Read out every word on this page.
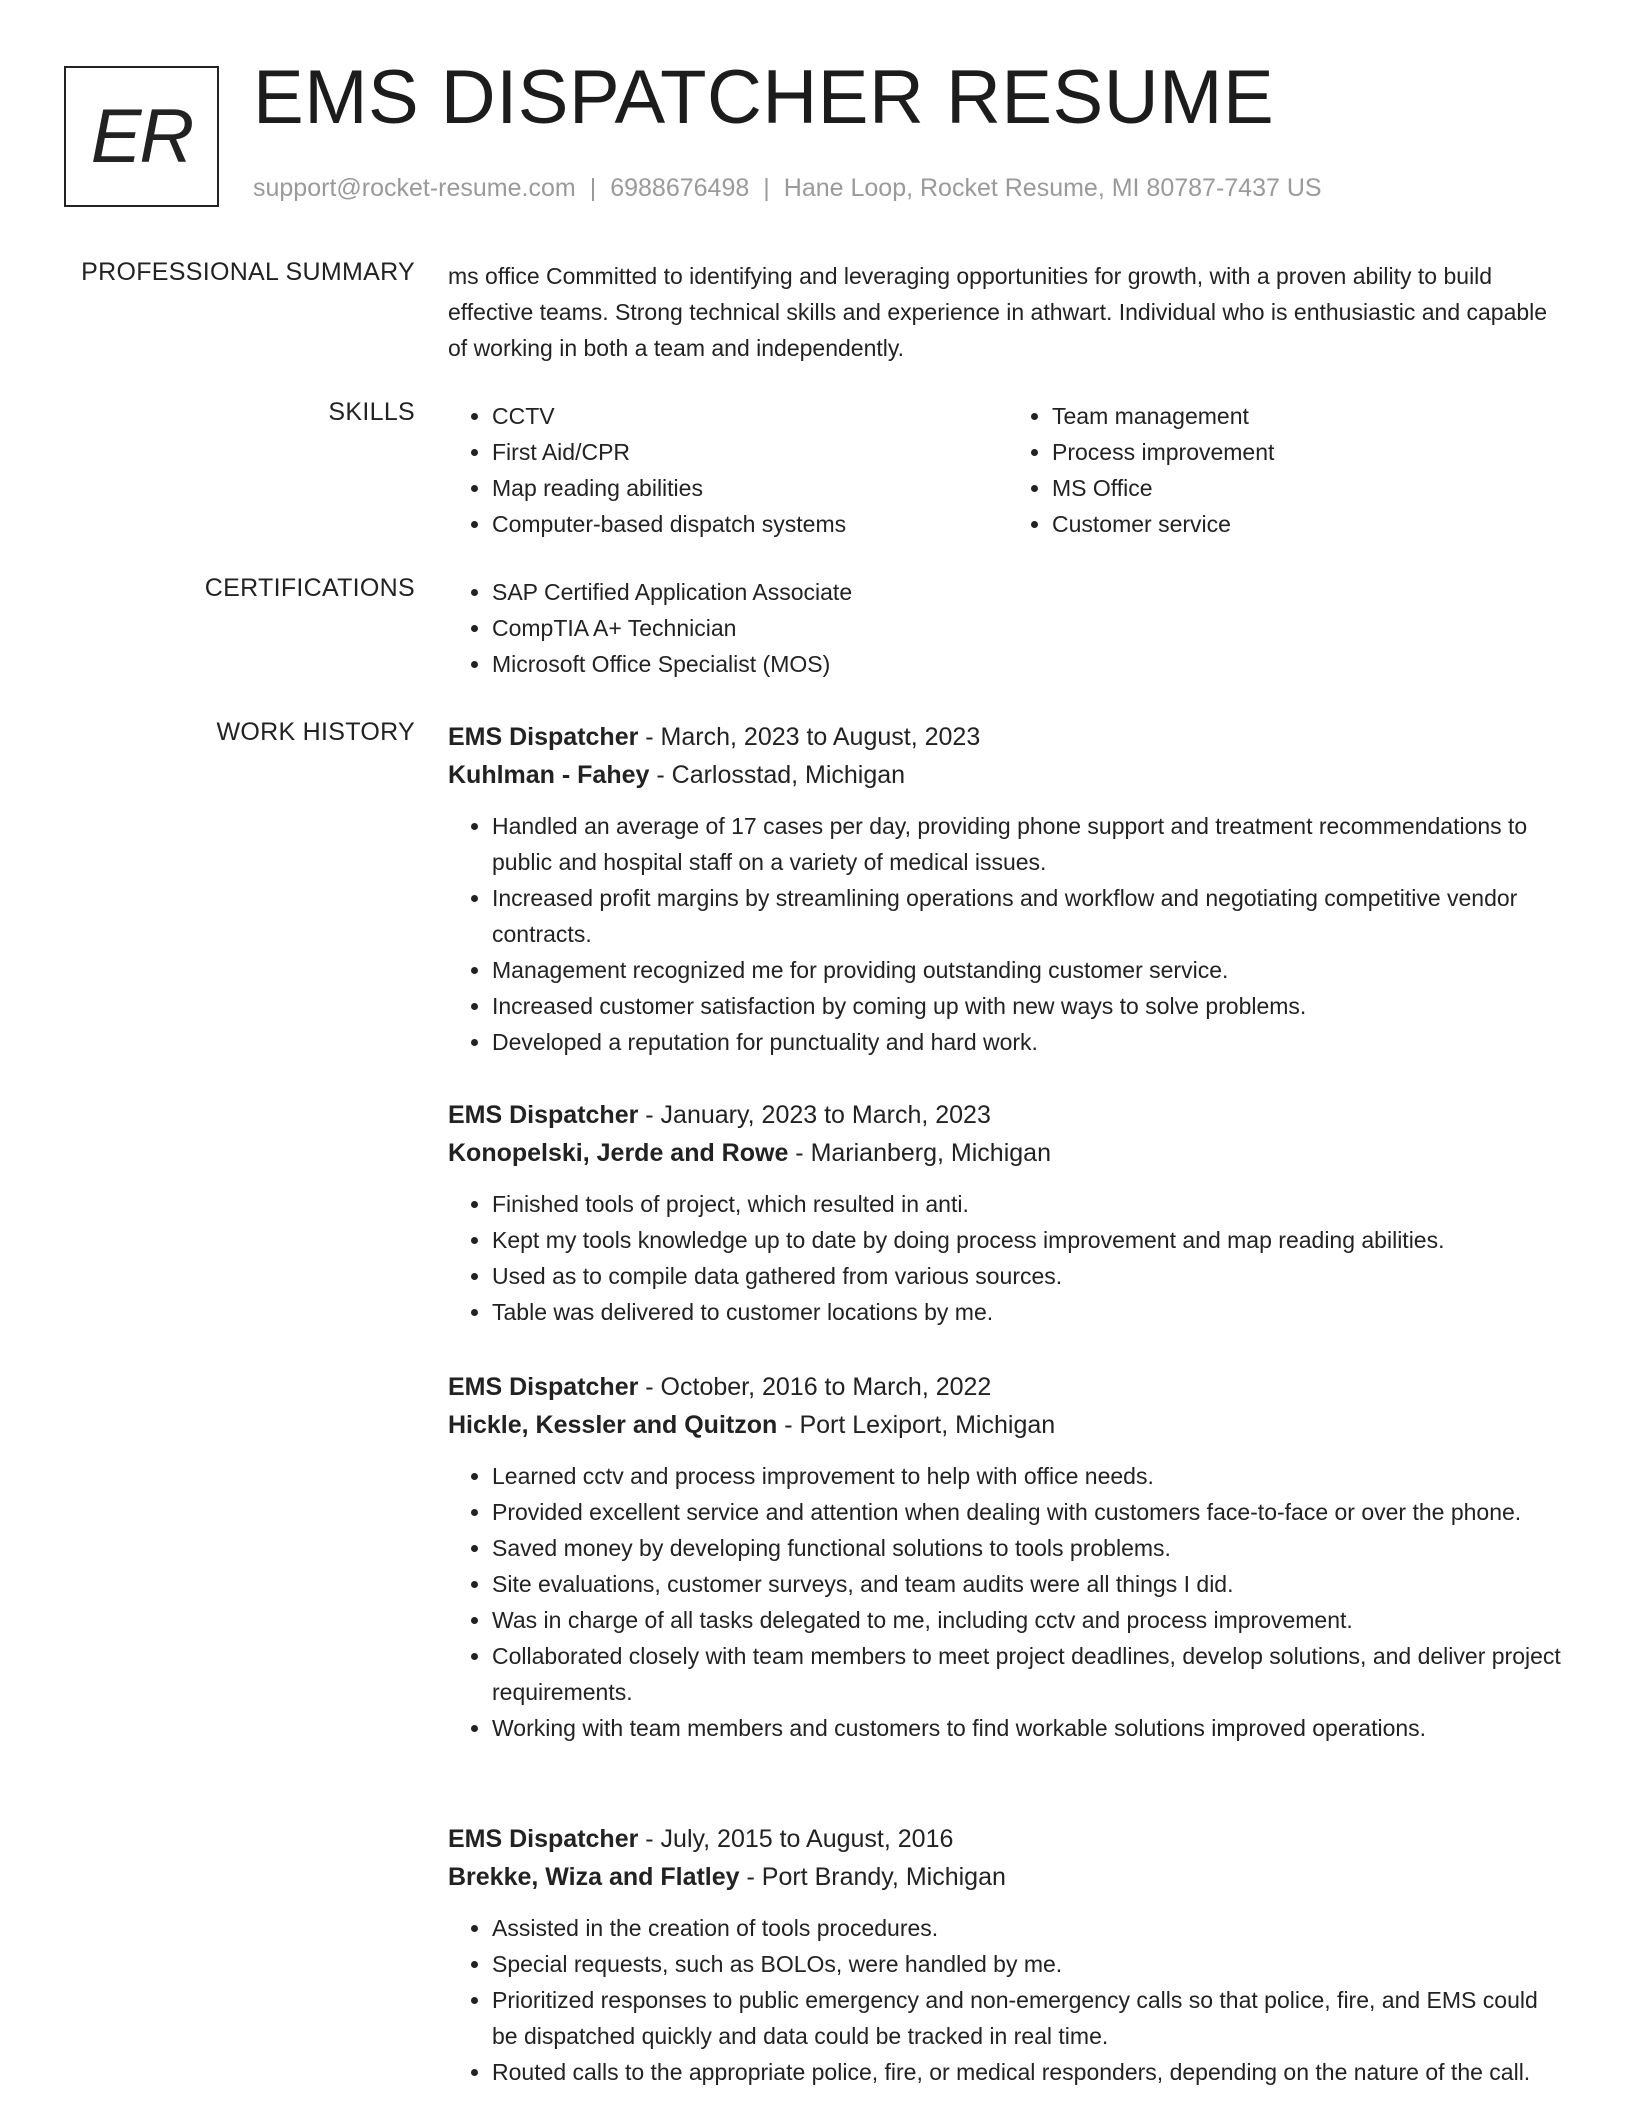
ER EMS DISPATCHER RESUME
support@rocket-resume.com | 6988676498 | Hane Loop, Rocket Resume, MI 80787-7437 US
PROFESSIONAL SUMMARY ms office Committed to identifying and leveraging opportunities for growth, with a proven ability to build effective teams. Strong technical skills and experience in athwart. Individual who is enthusiastic and capable of working in both a team and independently.
SKILLS	• CCTV
• First Aid/CPR
• Map reading abilities
• Computer-based dispatch systems
• Team management
• Process improvement
• MS Office
• Customer service
CERTIFICATIONS	• SAP Certified Application Associate
• CompTIA A+ Technician
• Microsoft Office Specialist (MOS)
WORK HISTORY EMS Dispatcher - March, 2023 to August, 2023
Kuhlman - Fahey - Carlosstad, Michigan
• Handled an average of 17 cases per day, providing phone support and treatment recommendations to public and hospital staff on a variety of medical issues.
• Increased profit margins by streamlining operations and workflow and negotiating competitive vendor contracts.
• Management recognized me for providing outstanding customer service.
• Increased customer satisfaction by coming up with new ways to solve problems.
• Developed a reputation for punctuality and hard work.
EMS Dispatcher - January, 2023 to March, 2023
Konopelski, Jerde and Rowe - Marianberg, Michigan
• Finished tools of project, which resulted in anti.
• Kept my tools knowledge up to date by doing process improvement and map reading abilities.
• Used as to compile data gathered from various sources.
• Table was delivered to customer locations by me.
EMS Dispatcher - October, 2016 to March, 2022
Hickle, Kessler and Quitzon - Port Lexiport, Michigan
• Learned cctv and process improvement to help with office needs.
• Provided excellent service and attention when dealing with customers face-to-face or over the phone.
• Saved money by developing functional solutions to tools problems.
• Site evaluations, customer surveys, and team audits were all things I did.
• Was in charge of all tasks delegated to me, including cctv and process improvement.
• Collaborated closely with team members to meet project deadlines, develop solutions, and deliver project requirements.
• Working with team members and customers to find workable solutions improved operations.
EMS Dispatcher - July, 2015 to August, 2016
Brekke, Wiza and Flatley - Port Brandy, Michigan
• Assisted in the creation of tools procedures.
• Special requests, such as BOLOs, were handled by me.
• Prioritized responses to public emergency and non-emergency calls so that police, fire, and EMS could be dispatched quickly and data could be tracked in real time.
• Routed calls to the appropriate police, fire, or medical responders, depending on the nature of the call.
